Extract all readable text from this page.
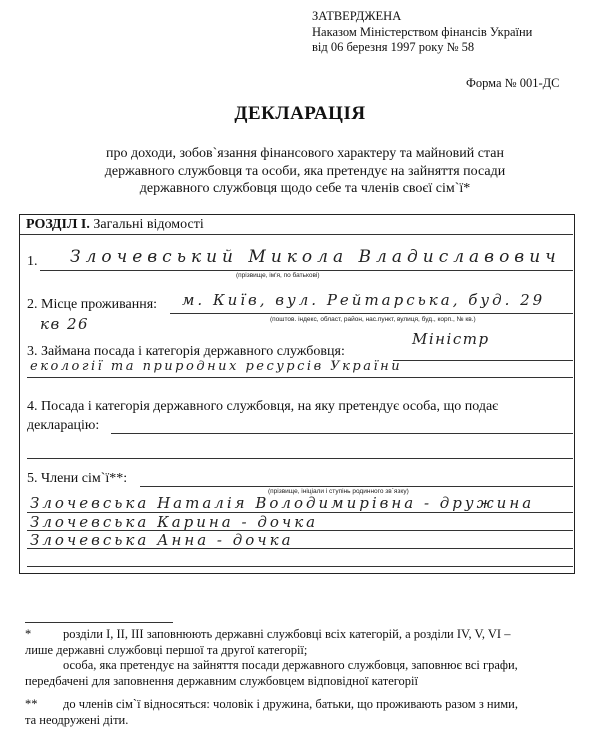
ЗАТВЕРДЖЕНА
Наказом Міністерством фінансів України
від 06 березня 1997 року № 58
Форма № 001-ДС
ДЕКЛАРАЦІЯ
про доходи, зобов`язання фінансового характеру та майновий стан
державного службовця та особи, яка претендує на зайняття посади
державного службовця щодо себе та членів своєї сім`ї*
РОЗДІЛ І. Загальні відомості
1. Злочевський Микола Владиславович
(прізвище, ім'я, по батькові)
2. Місце проживання: м. Київ, вул. Рейтарська, буд. 29
кв 26	(поштов. індекс, област, район, нас.пункт, вулиця, буд., корп., № кв.)
3. Займана посада і категорія державного службовця:
Міністр
екології та природних ресурсів України
4. Посада і категорія державного службовця, на яку претендує особа, що подає
декларацію:
5. Члени сім`ї**:
(прізвище, ініціали і ступінь родинного зв`язку)
Злочевська Наталія Володимирівна - дружина
Злочевська Карина - дочка
Злочевська Анна - дочка
*	розділи І, ІІ, ІІІ заповнюють державні службовці всіх категорій, а розділи IV, V, VI –
лише державні службовці першої та другої категорії;
особа, яка претендує на зайняття посади державного службовця, заповнює всі графи,
передбачені для заповнення державним службовцем відповідної категорії
** до членів сім`ї відносяться: чоловік і дружина, батьки, що проживають разом з ними,
та неодружені діти.
